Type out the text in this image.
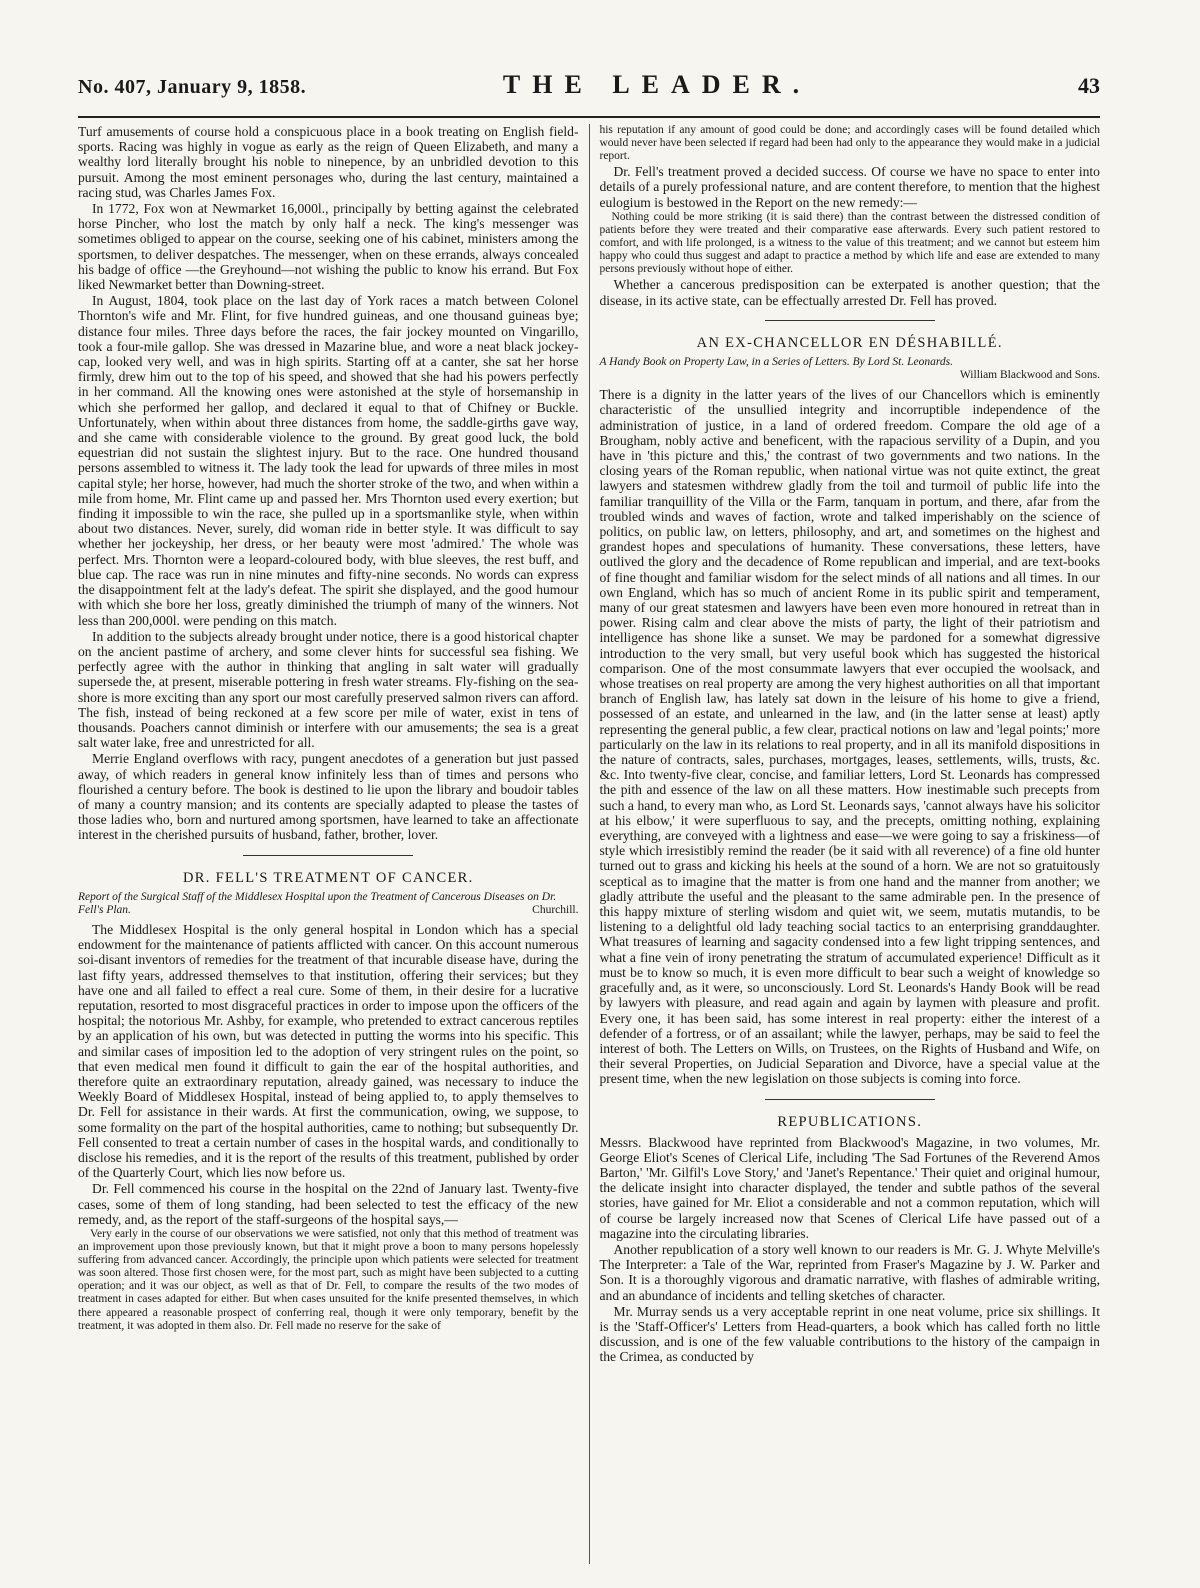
No. 407, January 9, 1858.	THE LEADER.	43

Turf amusements of course hold a conspicuous place in a book treating on English field-sports. Racing was highly in vogue as early as the reign of Queen Elizabeth, and many a wealthy lord literally brought his noble to ninepence, by an unbridled devotion to this pursuit. Among the most eminent personages who, during the last century, maintained a racing stud, was Charles James Fox.

In 1772, Fox won at Newmarket 16,000l., principally by betting against the celebrated horse Pincher, who lost the match by only half a neck. The king's messenger was sometimes obliged to appear on the course, seeking one of his cabinet, ministers among the sportsmen, to deliver despatches. The messenger, when on these errands, always concealed his badge of office —the Greyhound—not wishing the public to know his errand. But Fox liked Newmarket better than Downing-street.

In August, 1804, took place on the last day of York races a match between Colonel Thornton's wife and Mr. Flint, for five hundred guineas, and one thousand guineas bye; distance four miles. Three days before the races, the fair jockey mounted on Vingarillo, took a four-mile gallop. She was dressed in Mazarine blue, and wore a neat black jockey-cap, looked very well, and was in high spirits. Starting off at a canter, she sat her horse firmly, drew him out to the top of his speed, and showed that she had his powers perfectly in her command. All the knowing ones were astonished at the style of horsemanship in which she performed her gallop, and declared it equal to that of Chifney or Buckle. Unfortunately, when within about three distances from home, the saddle-girths gave way, and she came with considerable violence to the ground. By great good luck, the bold equestrian did not sustain the slightest injury. But to the race. One hundred thousand persons assembled to witness it. The lady took the lead for upwards of three miles in most capital style; her horse, however, had much the shorter stroke of the two, and when within a mile from home, Mr. Flint came up and passed her. Mrs Thornton used every exertion; but finding it impossible to win the race, she pulled up in a sportsmanlike style, when within about two distances. Never, surely, did woman ride in better style. It was difficult to say whether her jockeyship, her dress, or her beauty were most 'admired.' The whole was perfect. Mrs. Thornton were a leopard-coloured body, with blue sleeves, the rest buff, and blue cap. The race was run in nine minutes and fifty-nine seconds. No words can express the disappointment felt at the lady's defeat. The spirit she displayed, and the good humour with which she bore her loss, greatly diminished the triumph of many of the winners. Not less than 200,000l. were pending on this match.

In addition to the subjects already brought under notice, there is a good historical chapter on the ancient pastime of archery, and some clever hints for successful sea fishing. We perfectly agree with the author in thinking that angling in salt water will gradually supersede the, at present, miserable pottering in fresh water streams. Fly-fishing on the sea-shore is more exciting than any sport our most carefully preserved salmon rivers can afford. The fish, instead of being reckoned at a few score per mile of water, exist in tens of thousands. Poachers cannot diminish or interfere with our amusements; the sea is a great salt water lake, free and unrestricted for all.

Merrie England overflows with racy, pungent anecdotes of a generation but just passed away, of which readers in general know infinitely less than of times and persons who flourished a century before. The book is destined to lie upon the library and boudoir tables of many a country mansion; and its contents are specially adapted to please the tastes of those ladies who, born and nurtured among sportsmen, have learned to take an affectionate interest in the cherished pursuits of husband, father, brother, lover.

DR. FELL'S TREATMENT OF CANCER.
Report of the Surgical Staff of the Middlesex Hospital upon the Treatment of Cancerous Diseases on Dr. Fell's Plan.	Churchill.

The Middlesex Hospital is the only general hospital in London which has a special endowment for the maintenance of patients afflicted with cancer. On this account numerous soi-disant inventors of remedies for the treatment of that incurable disease have, during the last fifty years, addressed themselves to that institution, offering their services; but they have one and all failed to effect a real cure. Some of them, in their desire for a lucrative reputation, resorted to most disgraceful practices in order to impose upon the officers of the hospital; the notorious Mr. Ashby, for example, who pretended to extract cancerous reptiles by an application of his own, but was detected in putting the worms into his specific. This and similar cases of imposition led to the adoption of very stringent rules on the point, so that even medical men found it difficult to gain the ear of the hospital authorities, and therefore quite an extraordinary reputation, already gained, was necessary to induce the Weekly Board of Middlesex Hospital, instead of being applied to, to apply themselves to Dr. Fell for assistance in their wards. At first the communication, owing, we suppose, to some formality on the part of the hospital authorities, came to nothing; but subsequently Dr. Fell consented to treat a certain number of cases in the hospital wards, and conditionally to disclose his remedies, and it is the report of the results of this treatment, published by order of the Quarterly Court, which lies now before us.

Dr. Fell commenced his course in the hospital on the 22nd of January last. Twenty-five cases, some of them of long standing, had been selected to test the efficacy of the new remedy, and, as the report of the staff-surgeons of the hospital says,—

Very early in the course of our observations we were satisfied, not only that this method of treatment was an improvement upon those previously known, but that it might prove a boon to many persons hopelessly suffering from advanced cancer. Accordingly, the principle upon which patients were selected for treatment was soon altered. Those first chosen were, for the most part, such as might have been subjected to a cutting operation; and it was our object, as well as that of Dr. Fell, to compare the results of the two modes of treatment in cases adapted for either. But when cases unsuited for the knife presented themselves, in which there appeared a reasonable prospect of conferring real, though it were only temporary, benefit by the treatment, it was adopted in them also. Dr. Fell made no reserve for the sake of

his reputation if any amount of good could be done; and accordingly cases will be found detailed which would never have been selected if regard had been had only to the appearance they would make in a judicial report.

Dr. Fell's treatment proved a decided success. Of course we have no space to enter into details of a purely professional nature, and are content therefore, to mention that the highest eulogium is bestowed in the Report on the new remedy:—

Nothing could be more striking (it is said there) than the contrast between the distressed condition of patients before they were treated and their comparative ease afterwards. Every such patient restored to comfort, and with life prolonged, is a witness to the value of this treatment; and we cannot but esteem him happy who could thus suggest and adapt to practice a method by which life and ease are extended to many persons previously without hope of either.

Whether a cancerous predisposition can be exterpated is another question; that the disease, in its active state, can be effectually arrested Dr. Fell has proved.

AN EX-CHANCELLOR EN DÉSHABILLÉ.
A Handy Book on Property Law, in a Series of Letters. By Lord St. Leonards.

William Blackwood and Sons.

There is a dignity in the latter years of the lives of our Chancellors which is eminently characteristic of the unsullied integrity and incorruptible independence of the administration of justice, in a land of ordered freedom. Compare the old age of a Brougham, nobly active and beneficent, with the rapacious servility of a Dupin, and you have in 'this picture and this,' the contrast of two governments and two nations. In the closing years of the Roman republic, when national virtue was not quite extinct, the great lawyers and statesmen withdrew gladly from the toil and turmoil of public life into the familiar tranquillity of the Villa or the Farm, tanquam in portum, and there, afar from the troubled winds and waves of faction, wrote and talked imperishably on the science of politics, on public law, on letters, philosophy, and art, and sometimes on the highest and grandest hopes and speculations of humanity. These conversations, these letters, have outlived the glory and the decadence of Rome republican and imperial, and are text-books of fine thought and familiar wisdom for the select minds of all nations and all times. In our own England, which has so much of ancient Rome in its public spirit and temperament, many of our great statesmen and lawyers have been even more honoured in retreat than in power. Rising calm and clear above the mists of party, the light of their patriotism and intelligence has shone like a sunset. We may be pardoned for a somewhat digressive introduction to the very small, but very useful book which has suggested the historical comparison. One of the most consummate lawyers that ever occupied the woolsack, and whose treatises on real property are among the very highest authorities on all that important branch of English law, has lately sat down in the leisure of his home to give a friend, possessed of an estate, and unlearned in the law, and (in the latter sense at least) aptly representing the general public, a few clear, practical notions on law and 'legal points;' more particularly on the law in its relations to real property, and in all its manifold dispositions in the nature of contracts, sales, purchases, mortgages, leases, settlements, wills, trusts, &c. &c. Into twenty-five clear, concise, and familiar letters, Lord St. Leonards has compressed the pith and essence of the law on all these matters. How inestimable such precepts from such a hand, to every man who, as Lord St. Leonards says, 'cannot always have his solicitor at his elbow,' it were superfluous to say, and the precepts, omitting nothing, explaining everything, are conveyed with a lightness and ease—we were going to say a friskiness—of style which irresistibly remind the reader (be it said with all reverence) of a fine old hunter turned out to grass and kicking his heels at the sound of a horn. We are not so gratuitously sceptical as to imagine that the matter is from one hand and the manner from another; we gladly attribute the useful and the pleasant to the same admirable pen. In the presence of this happy mixture of sterling wisdom and quiet wit, we seem, mutatis mutandis, to be listening to a delightful old lady teaching social tactics to an enterprising granddaughter. What treasures of learning and sagacity condensed into a few light tripping sentences, and what a fine vein of irony penetrating the stratum of accumulated experience! Difficult as it must be to know so much, it is even more difficult to bear such a weight of knowledge so gracefully and, as it were, so unconsciously. Lord St. Leonards's Handy Book will be read by lawyers with pleasure, and read again and again by laymen with pleasure and profit. Every one, it has been said, has some interest in real property: either the interest of a defender of a fortress, or of an assailant; while the lawyer, perhaps, may be said to feel the interest of both. The Letters on Wills, on Trustees, on the Rights of Husband and Wife, on their several Properties, on Judicial Separation and Divorce, have a special value at the present time, when the new legislation on those subjects is coming into force.

REPUBLICATIONS.

Messrs. Blackwood have reprinted from Blackwood's Magazine, in two volumes, Mr. George Eliot's Scenes of Clerical Life, including 'The Sad Fortunes of the Reverend Amos Barton,' 'Mr. Gilfil's Love Story,' and 'Janet's Repentance.' Their quiet and original humour, the delicate insight into character displayed, the tender and subtle pathos of the several stories, have gained for Mr. Eliot a considerable and not a common reputation, which will of course be largely increased now that Scenes of Clerical Life have passed out of a magazine into the circulating libraries.

Another republication of a story well known to our readers is Mr. G. J. Whyte Melville's The Interpreter: a Tale of the War, reprinted from Fraser's Magazine by J. W. Parker and Son. It is a thoroughly vigorous and dramatic narrative, with flashes of admirable writing, and an abundance of incidents and telling sketches of character.

Mr. Murray sends us a very acceptable reprint in one neat volume, price six shillings. It is the 'Staff-Officer's' Letters from Head-quarters, a book which has called forth no little discussion, and is one of the few valuable contributions to the history of the campaign in the Crimea, as conducted by
